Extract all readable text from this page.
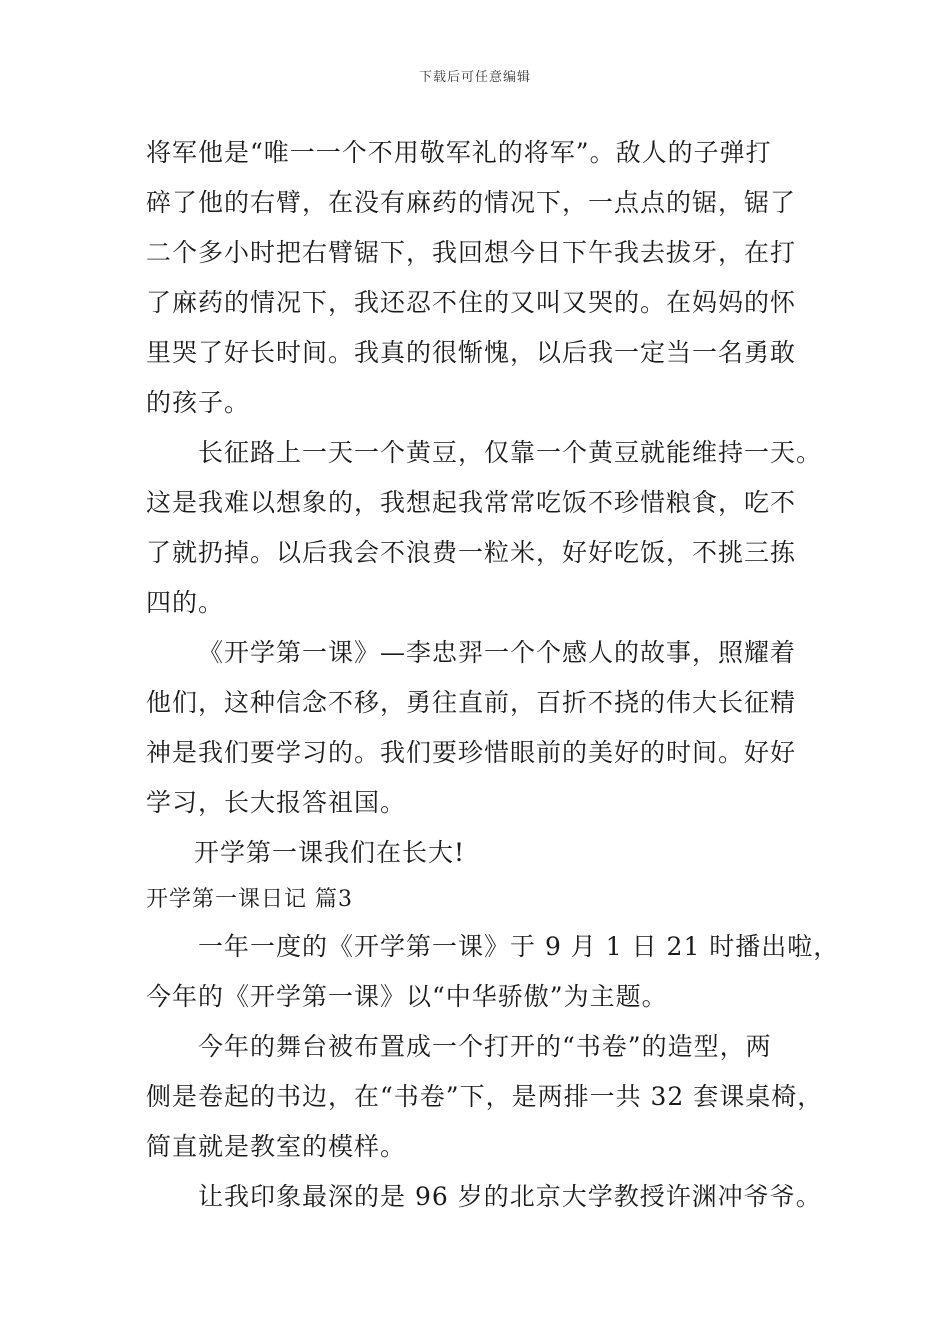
下载后可任意编辑
将军他是“唯一一个不用敬军礼的将军”。敌人的子弹打
碎了他的右臂，在没有麻药的情况下，一点点的锯，锯了
二个多小时把右臂锯下，我回想今日下午我去拔牙，在打
了麻药的情况下，我还忍不住的又叫又哭的。在妈妈的怀
里哭了好长时间。我真的很惭愧，以后我一定当一名勇敢
的孩子。
长征路上一天一个黄豆，仅靠一个黄豆就能维持一天。
这是我难以想象的，我想起我常常吃饭不珍惜粮食，吃不
了就扔掉。以后我会不浪费一粒米，好好吃饭，不挑三拣
四的。
《开学第一课》—李忠羿一个个感人的故事，照耀着
他们，这种信念不移，勇往直前，百折不挠的伟大长征精
神是我们要学习的。我们要珍惜眼前的美好的时间。好好
学习，长大报答祖国。
开学第一课我们在长大!
开学第一课日记 篇3
一年一度的《开学第一课》于 9 月 1 日 21 时播出啦，
今年的《开学第一课》以“中华骄傲”为主题。
今年的舞台被布置成一个打开的“书卷”的造型，两
侧是卷起的书边，在“书卷”下，是两排一共 32 套课桌椅，
简直就是教室的模样。
让我印象最深的是 96 岁的北京大学教授许渊冲爷爷。
